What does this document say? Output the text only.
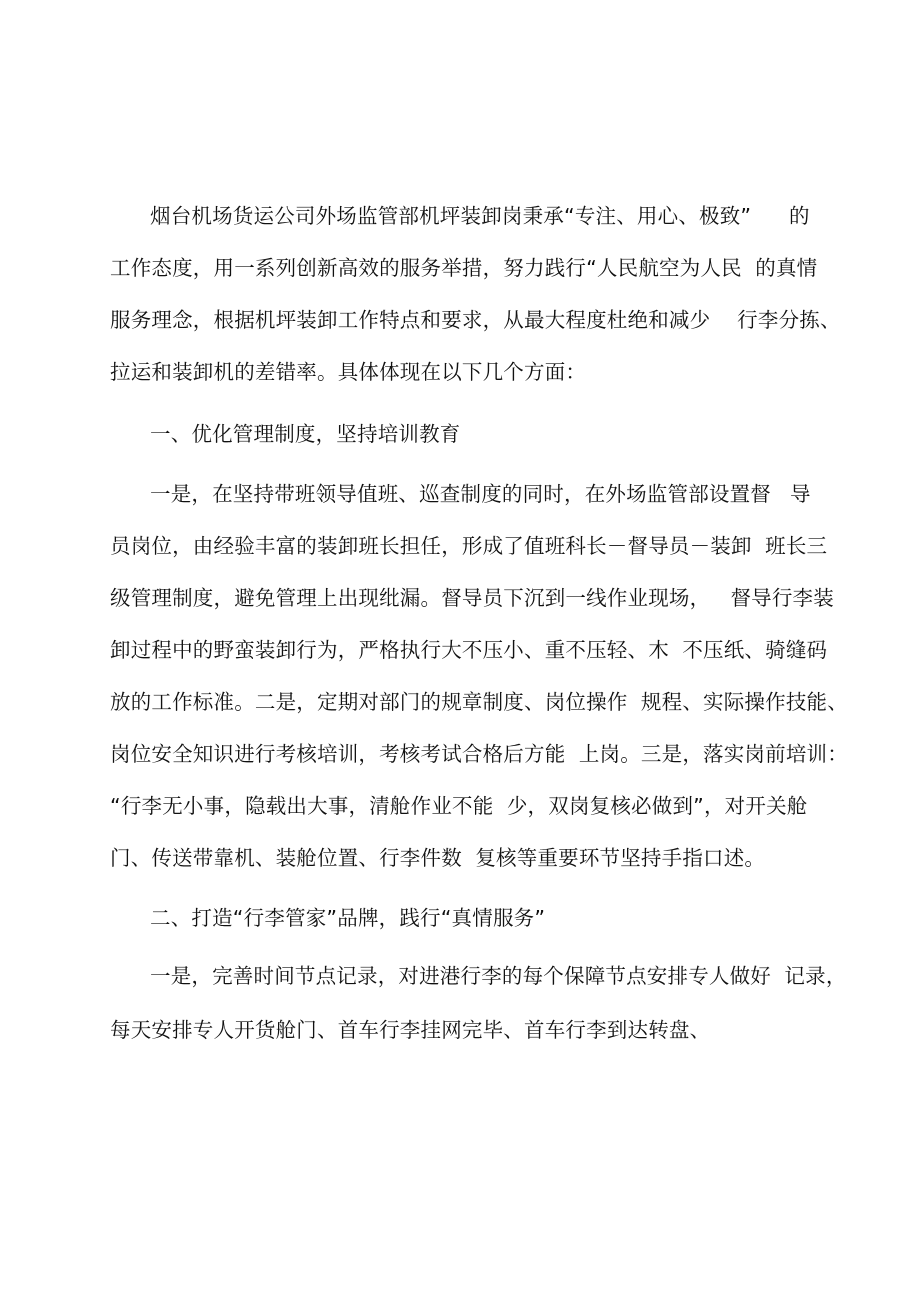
烟台机场货运公司外场监管部机坪装卸岗秉承“专注、用心、极致”	的
工作态度，用一系列创新高效的服务举措，努力践行“人民航空为人民  的真情
服务理念，根据机坪装卸工作特点和要求，从最大程度杜绝和减少    行李分拣、
拉运和装卸机的差错率。具体体现在以下几个方面：
一、优化管理制度，坚持培训教育
一是，在坚持带班领导值班、巡查制度的同时，在外场监管部设置督 导
员岗位，由经验丰富的装卸班长担任，形成了值班科长－督导员－装卸  班长三
级管理制度，避免管理上出现纰漏。督导员下沉到一线作业现场，   督导行李装
卸过程中的野蛮装卸行为，严格执行大不压小、重不压轻、木  不压纸、骑缝码
放的工作标准。二是，定期对部门的规章制度、岗位操作  规程、实际操作技能、
岗位安全知识进行考核培训，考核考试合格后方能  上岗。三是，落实岗前培训：
“行李无小事，隐载出大事，清舱作业不能  少，双岗复核必做到”，对开关舱
门、传送带靠机、装舱位置、行李件数  复核等重要环节坚持手指口述。
二、打造“行李管家”品牌，践行“真情服务”
一是，完善时间节点记录，对进港行李的每个保障节点安排专人做好  记录，
每天安排专人开货舱门、首车行李挂网完毕、首车行李到达转盘、
